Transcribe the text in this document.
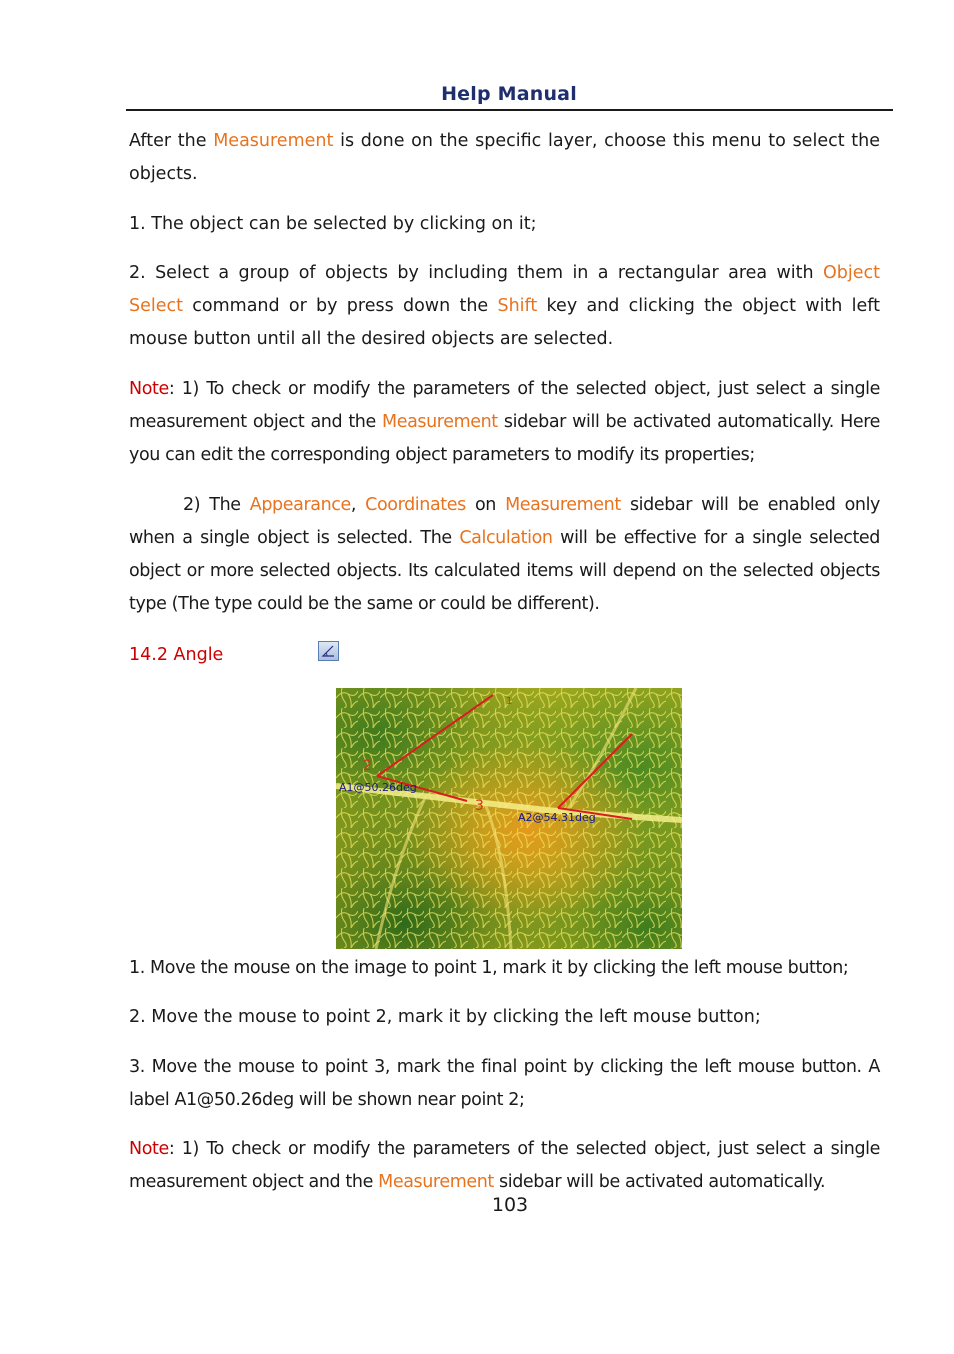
Help Manual

After the Measurement is done on the specific layer, choose this menu to select the objects.

1. The object can be selected by clicking on it;

2. Select a group of objects by including them in a rectangular area with Object Select command or by press down the Shift key and clicking the object with left mouse button until all the desired objects are selected.

Note: 1) To check or modify the parameters of the selected object, just select a single measurement object and the Measurement sidebar will be activated automatically. Here you can edit the corresponding object parameters to modify its properties;

2) The Appearance, Coordinates on Measurement sidebar will be enabled only when a single object is selected. The Calculation will be effective for a single selected object or more selected objects. Its calculated items will depend on the selected objects type (The type could be the same or could be different).

14.2 Angle
1
2
3
A1@50.26deg
A2@54.31deg

1. Move the mouse on the image to point 1, mark it by clicking the left mouse button;

2. Move the mouse to point 2, mark it by clicking the left mouse button;

3. Move the mouse to point 3, mark the final point by clicking the left mouse button. A label A1@50.26deg will be shown near point 2;

Note: 1) To check or modify the parameters of the selected object, just select a single measurement object and the Measurement sidebar will be activated automatically.

103
